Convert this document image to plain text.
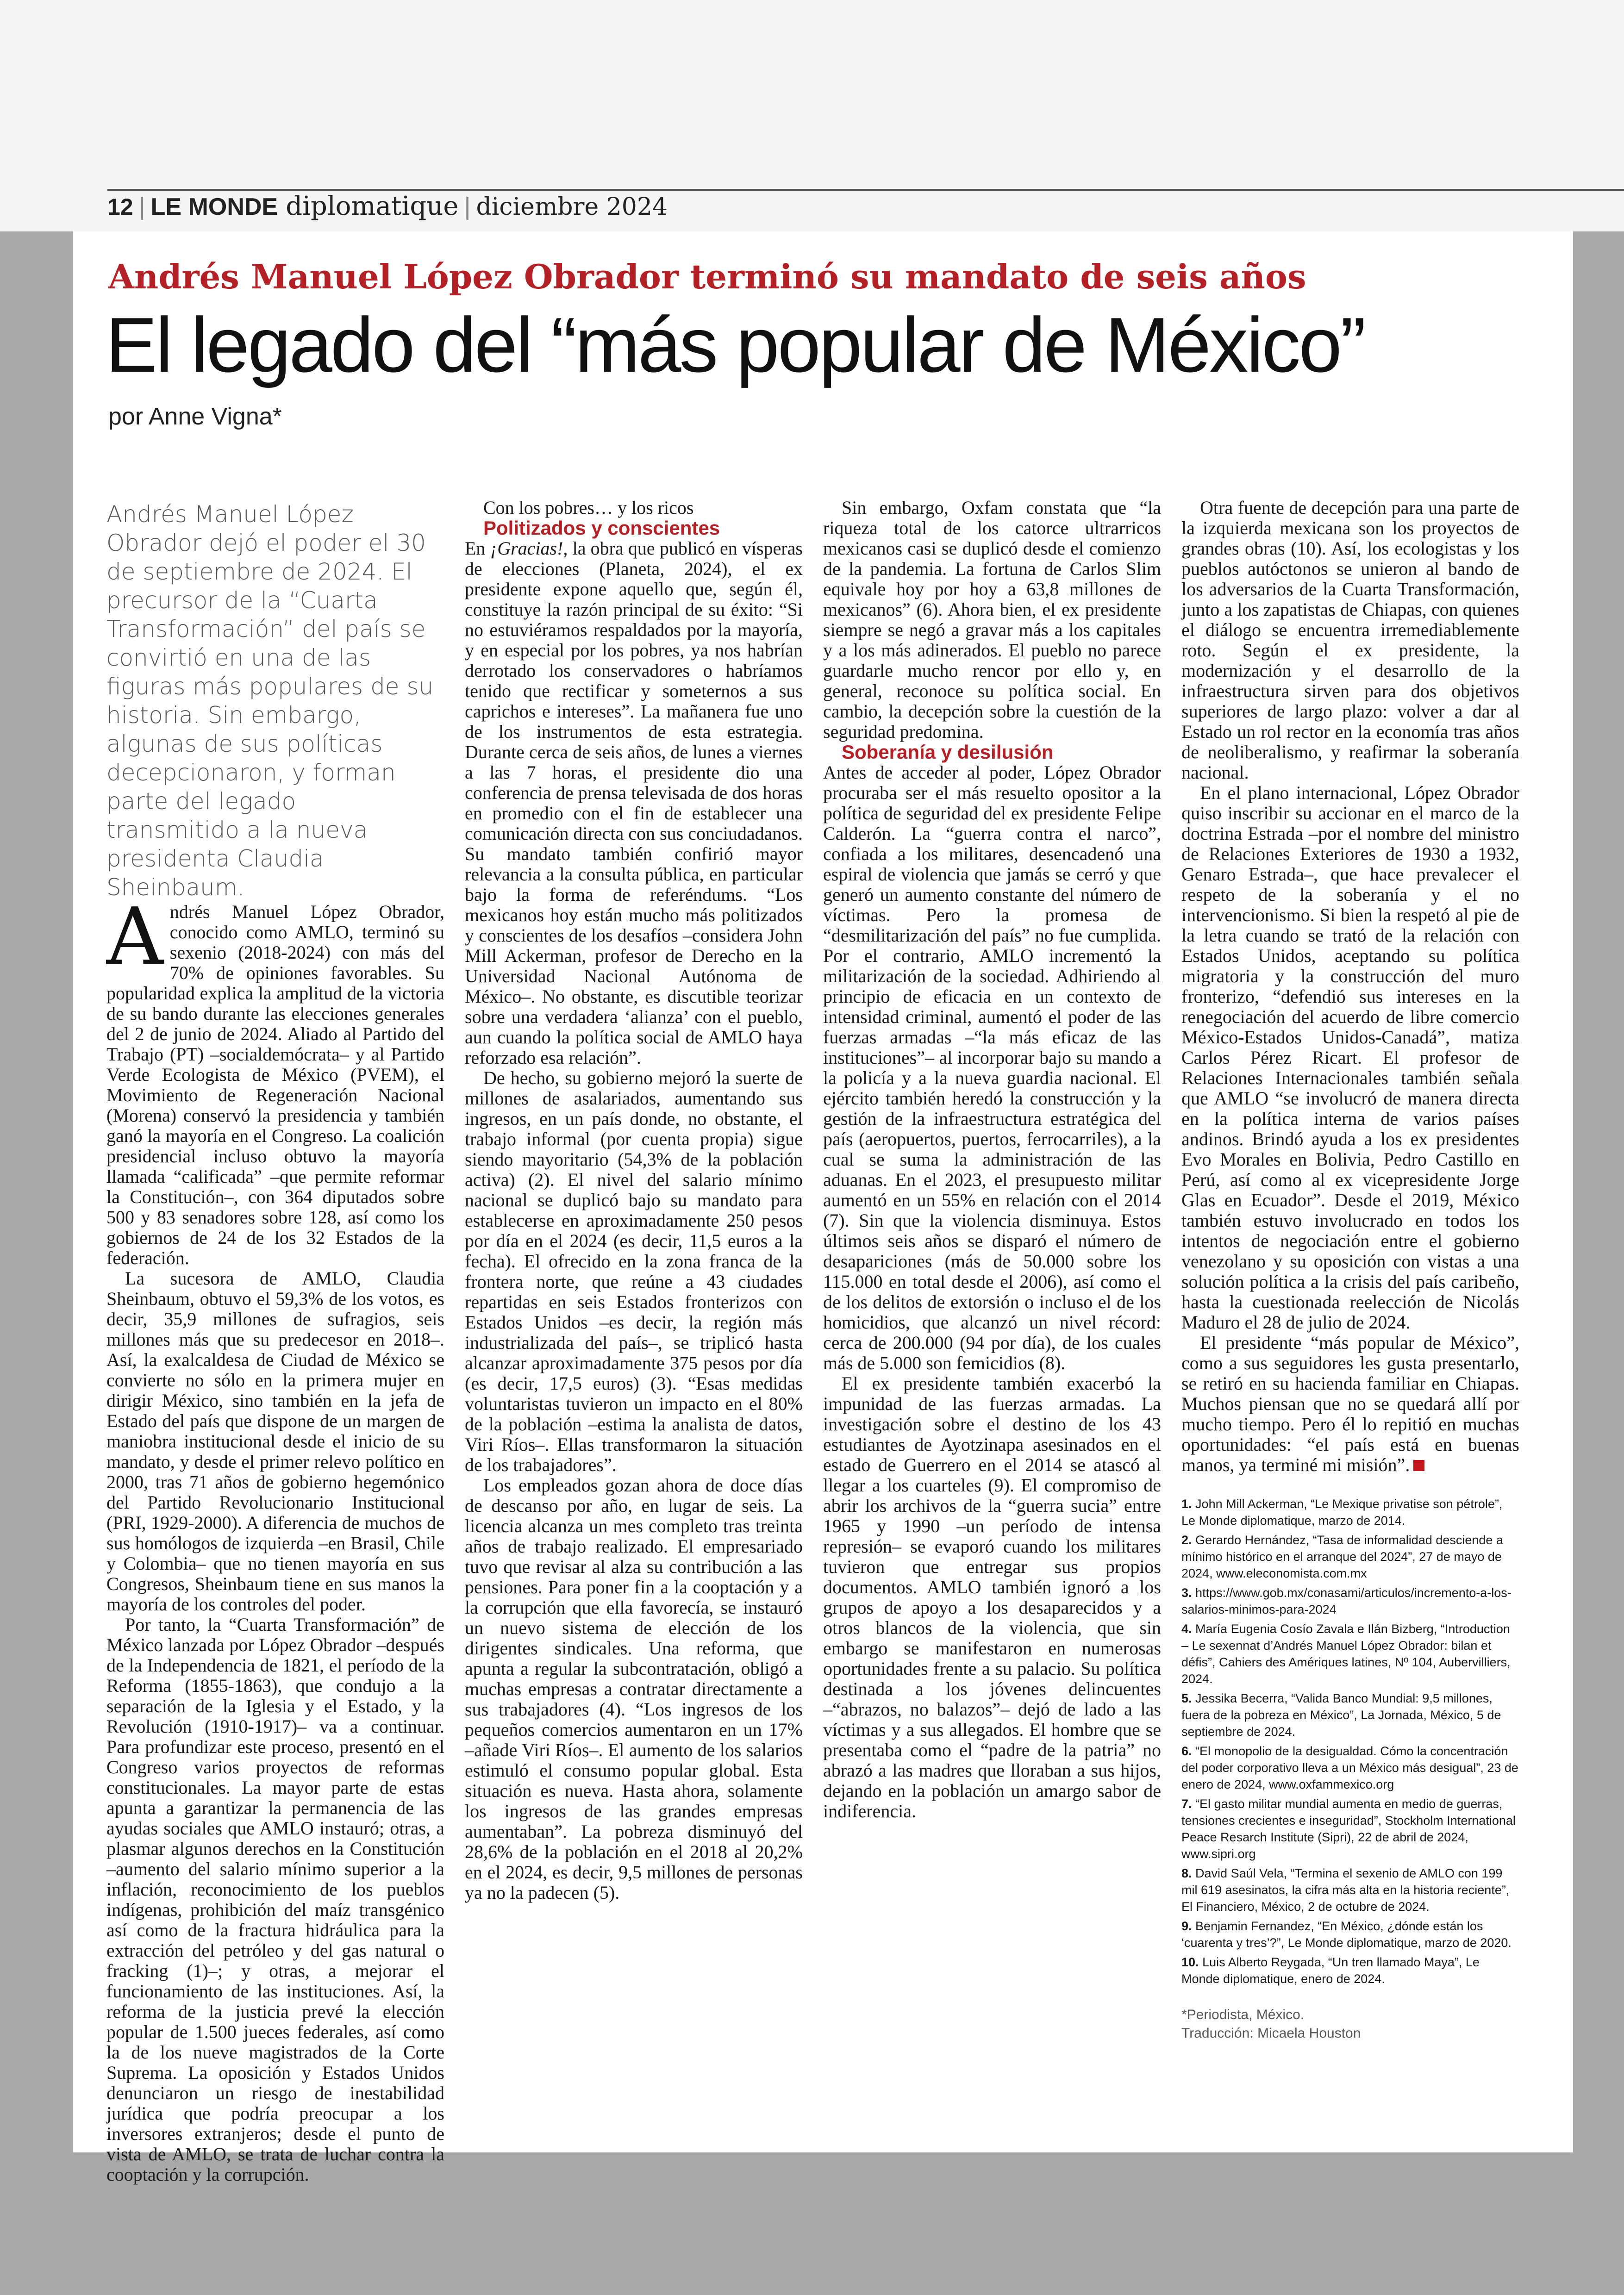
12 | LE MONDE diplomatique | diciembre 2024
Andrés Manuel López Obrador terminó su mandato de seis años
El legado del “más popular de México”
por Anne Vigna*

Andrés Manuel López Obrador dejó el poder el 30 de septiembre de 2024. El precursor de la “Cuarta Transformación” del país se convirtió en una de las figuras más populares de su historia. Sin embargo, algunas de sus políticas decepcionaron, y forman parte del legado transmitido a la nueva presidenta Claudia Sheinbaum.

Andrés Manuel López Obrador, conocido como AMLO, terminó su sexenio (2018-2024) con más del 70% de opiniones favorables. Su popularidad explica la amplitud de la victoria de su bando durante las elecciones generales del 2 de junio de 2024. Aliado al Partido del Trabajo (PT) –socialdemócrata– y al Partido Verde Ecologista de México (PVEM), el Movimiento de Regeneración Nacional (Morena) conservó la presidencia y también ganó la mayoría en el Congreso. La coalición presidencial incluso obtuvo la mayoría llamada “calificada” –que permite reformar la Constitución–, con 364 diputados sobre 500 y 83 senadores sobre 128, así como los gobiernos de 24 de los 32 Estados de la federación.

La sucesora de AMLO, Claudia Sheinbaum, obtuvo el 59,3% de los votos, es decir, 35,9 millones de sufragios, seis millones más que su predecesor en 2018–. Así, la exalcaldesa de Ciudad de México se convierte no sólo en la primera mujer en dirigir México, sino también en la jefa de Estado del país que dispone de un margen de maniobra institucional desde el inicio de su mandato, y desde el primer relevo político en 2000, tras 71 años de gobierno hegemónico del Partido Revolucionario Institucional (PRI, 1929-2000). A diferencia de muchos de sus homólogos de izquierda –en Brasil, Chile y Colombia– que no tienen mayoría en sus Congresos, Sheinbaum tiene en sus manos la mayoría de los controles del poder.

Por tanto, la “Cuarta Transformación” de México lanzada por López Obrador –después de la Independencia de 1821, el período de la Reforma (1855-1863), que condujo a la separación de la Iglesia y el Estado, y la Revolución (1910-1917)– va a continuar. Para profundizar este proceso, presentó en el Congreso varios proyectos de reformas constitucionales. La mayor parte de estas apunta a garantizar la permanencia de las ayudas sociales que AMLO instauró; otras, a plasmar algunos derechos en la Constitución –aumento del salario mínimo superior a la inflación, reconocimiento de los pueblos indígenas, prohibición del maíz transgénico así como de la fractura hidráulica para la extracción del petróleo y del gas natural o fracking (1)–; y otras, a mejorar el funcionamiento de las instituciones. Así, la reforma de la justicia prevé la elección popular de 1.500 jueces federales, así como la de los nueve magistrados de la Corte Suprema. La oposición y Estados Unidos denunciaron un riesgo de inestabilidad jurídica que podría preocupar a los inversores extranjeros; desde el punto de vista de AMLO, se trata de luchar contra la cooptación y la corrupción.

Con los pobres… y los ricos

Politizados y conscientes

En ¡Gracias!, la obra que publicó en vísperas de elecciones (Planeta, 2024), el ex presidente expone aquello que, según él, constituye la razón principal de su éxito: “Si no estuviéramos respaldados por la mayoría, y en especial por los pobres, ya nos habrían derrotado los conservadores o habríamos tenido que rectificar y someternos a sus caprichos e intereses”. La mañanera fue uno de los instrumentos de esta estrategia. Durante cerca de seis años, de lunes a viernes a las 7 horas, el presidente dio una conferencia de prensa televisada de dos horas en promedio con el fin de establecer una comunicación directa con sus conciudadanos. Su mandato también confirió mayor relevancia a la consulta pública, en particular bajo la forma de referéndums. “Los mexicanos hoy están mucho más politizados y conscientes de los desafíos –considera John Mill Ackerman, profesor de Derecho en la Universidad Nacional Autónoma de México–. No obstante, es discutible teorizar sobre una verdadera ‘alianza’ con el pueblo, aun cuando la política social de AMLO haya reforzado esa relación”.

De hecho, su gobierno mejoró la suerte de millones de asalariados, aumentando sus ingresos, en un país donde, no obstante, el trabajo informal (por cuenta propia) sigue siendo mayoritario (54,3% de la población activa) (2). El nivel del salario mínimo nacional se duplicó bajo su mandato para establecerse en aproximadamente 250 pesos por día en el 2024 (es decir, 11,5 euros a la fecha). El ofrecido en la zona franca de la frontera norte, que reúne a 43 ciudades repartidas en seis Estados fronterizos con Estados Unidos –es decir, la región más industrializada del país–, se triplicó hasta alcanzar aproximadamente 375 pesos por día (es decir, 17,5 euros) (3). “Esas medidas voluntaristas tuvieron un impacto en el 80% de la población –estima la analista de datos, Viri Ríos–. Ellas transformaron la situación de los trabajadores”.

Los empleados gozan ahora de doce días de descanso por año, en lugar de seis. La licencia alcanza un mes completo tras treinta años de trabajo realizado. El empresariado tuvo que revisar al alza su contribución a las pensiones. Para poner fin a la cooptación y a la corrupción que ella favorecía, se instauró un nuevo sistema de elección de los dirigentes sindicales. Una reforma, que apunta a regular la subcontratación, obligó a muchas empresas a contratar directamente a sus trabajadores (4). “Los ingresos de los pequeños comercios aumentaron en un 17% –añade Viri Ríos–. El aumento de los salarios estimuló el consumo popular global. Esta situación es nueva. Hasta ahora, solamente los ingresos de las grandes empresas aumentaban”. La pobreza disminuyó del 28,6% de la población en el 2018 al 20,2% en el 2024, es decir, 9,5 millones de personas ya no la padecen (5).

Sin embargo, Oxfam constata que “la riqueza total de los catorce ultrarricos mexicanos casi se duplicó desde el comienzo de la pandemia. La fortuna de Carlos Slim equivale hoy por hoy a 63,8 millones de mexicanos” (6). Ahora bien, el ex presidente siempre se negó a gravar más a los capitales y a los más adinerados. El pueblo no parece guardarle mucho rencor por ello y, en general, reconoce su política social. En cambio, la decepción sobre la cuestión de la seguridad predomina.

Soberanía y desilusión

Antes de acceder al poder, López Obrador procuraba ser el más resuelto opositor a la política de seguridad del ex presidente Felipe Calderón. La “guerra contra el narco”, confiada a los militares, desencadenó una espiral de violencia que jamás se cerró y que generó un aumento constante del número de víctimas. Pero la promesa de “desmilitarización del país” no fue cumplida. Por el contrario, AMLO incrementó la militarización de la sociedad. Adhiriendo al principio de eficacia en un contexto de intensidad criminal, aumentó el poder de las fuerzas armadas –“la más eficaz de las instituciones”– al incorporar bajo su mando a la policía y a la nueva guardia nacional. El ejército también heredó la construcción y la gestión de la infraestructura estratégica del país (aeropuertos, puertos, ferrocarriles), a la cual se suma la administración de las aduanas. En el 2023, el presupuesto militar aumentó en un 55% en relación con el 2014 (7). Sin que la violencia disminuya. Estos últimos seis años se disparó el número de desapariciones (más de 50.000 sobre los 115.000 en total desde el 2006), así como el de los delitos de extorsión o incluso el de los homicidios, que alcanzó un nivel récord: cerca de 200.000 (94 por día), de los cuales más de 5.000 son femicidios (8).

El ex presidente también exacerbó la impunidad de las fuerzas armadas. La investigación sobre el destino de los 43 estudiantes de Ayotzinapa asesinados en el estado de Guerrero en el 2014 se atascó al llegar a los cuarteles (9). El compromiso de abrir los archivos de la “guerra sucia” entre 1965 y 1990 –un período de intensa represión– se evaporó cuando los militares tuvieron que entregar sus propios documentos. AMLO también ignoró a los grupos de apoyo a los desaparecidos y a otros blancos de la violencia, que sin embargo se manifestaron en numerosas oportunidades frente a su palacio. Su política destinada a los jóvenes delincuentes –“abrazos, no balazos”– dejó de lado a las víctimas y a sus allegados. El hombre que se presentaba como el “padre de la patria” no abrazó a las madres que lloraban a sus hijos, dejando en la población un amargo sabor de indiferencia.

Otra fuente de decepción para una parte de la izquierda mexicana son los proyectos de grandes obras (10). Así, los ecologistas y los pueblos autóctonos se unieron al bando de los adversarios de la Cuarta Transformación, junto a los zapatistas de Chiapas, con quienes el diálogo se encuentra irremediablemente roto. Según el ex presidente, la modernización y el desarrollo de la infraestructura sirven para dos objetivos superiores de largo plazo: volver a dar al Estado un rol rector en la economía tras años de neoliberalismo, y reafirmar la soberanía nacional.

En el plano internacional, López Obrador quiso inscribir su accionar en el marco de la doctrina Estrada –por el nombre del ministro de Relaciones Exteriores de 1930 a 1932, Genaro Estrada–, que hace prevalecer el respeto de la soberanía y el no intervencionismo. Si bien la respetó al pie de la letra cuando se trató de la relación con Estados Unidos, aceptando su política migratoria y la construcción del muro fronterizo, “defendió sus intereses en la renegociación del acuerdo de libre comercio México-Estados Unidos-Canadá”, matiza Carlos Pérez Ricart. El profesor de Relaciones Internacionales también señala que AMLO “se involucró de manera directa en la política interna de varios países andinos. Brindó ayuda a los ex presidentes Evo Morales en Bolivia, Pedro Castillo en Perú, así como al ex vicepresidente Jorge Glas en Ecuador”. Desde el 2019, México también estuvo involucrado en todos los intentos de negociación entre el gobierno venezolano y su oposición con vistas a una solución política a la crisis del país caribeño, hasta la cuestionada reelección de Nicolás Maduro el 28 de julio de 2024.

El presidente “más popular de México”, como a sus seguidores les gusta presentarlo, se retiró en su hacienda familiar en Chiapas. Muchos piensan que no se quedará allí por mucho tiempo. Pero él lo repitió en muchas oportunidades: “el país está en buenas manos, ya terminé mi misión”.

1. John Mill Ackerman, “Le Mexique privatise son pétrole”, Le Monde diplomatique, marzo de 2014.
2. Gerardo Hernández, “Tasa de informalidad desciende a mínimo histórico en el arranque del 2024”, 27 de mayo de 2024, www.eleconomista.com.mx
3. https://www.gob.mx/conasami/articulos/incremento-a-los-salarios-minimos-para-2024
4. María Eugenia Cosío Zavala e Ilán Bizberg, “Introduction – Le sexennat d’Andrés Manuel López Obrador: bilan et défis”, Cahiers des Amériques latines, Nº 104, Aubervilliers, 2024.
5. Jessika Becerra, “Valida Banco Mundial: 9,5 millones, fuera de la pobreza en México”, La Jornada, México, 5 de septiembre de 2024.
6. “El monopolio de la desigualdad. Cómo la concentración del poder corporativo lleva a un México más desigual”, 23 de enero de 2024, www.oxfammexico.org
7. “El gasto militar mundial aumenta en medio de guerras, tensiones crecientes e inseguridad”, Stockholm International Peace Resarch Institute (Sipri), 22 de abril de 2024, www.sipri.org
8. David Saúl Vela, “Termina el sexenio de AMLO con 199 mil 619 asesinatos, la cifra más alta en la historia reciente”, El Financiero, México, 2 de octubre de 2024.
9. Benjamin Fernandez, “En México, ¿dónde están los ‘cuarenta y tres’?”, Le Monde diplomatique, marzo de 2020.
10. Luis Alberto Reygada, “Un tren llamado Maya”, Le Monde diplomatique, enero de 2024.
*Periodista, México.
Traducción: Micaela Houston
